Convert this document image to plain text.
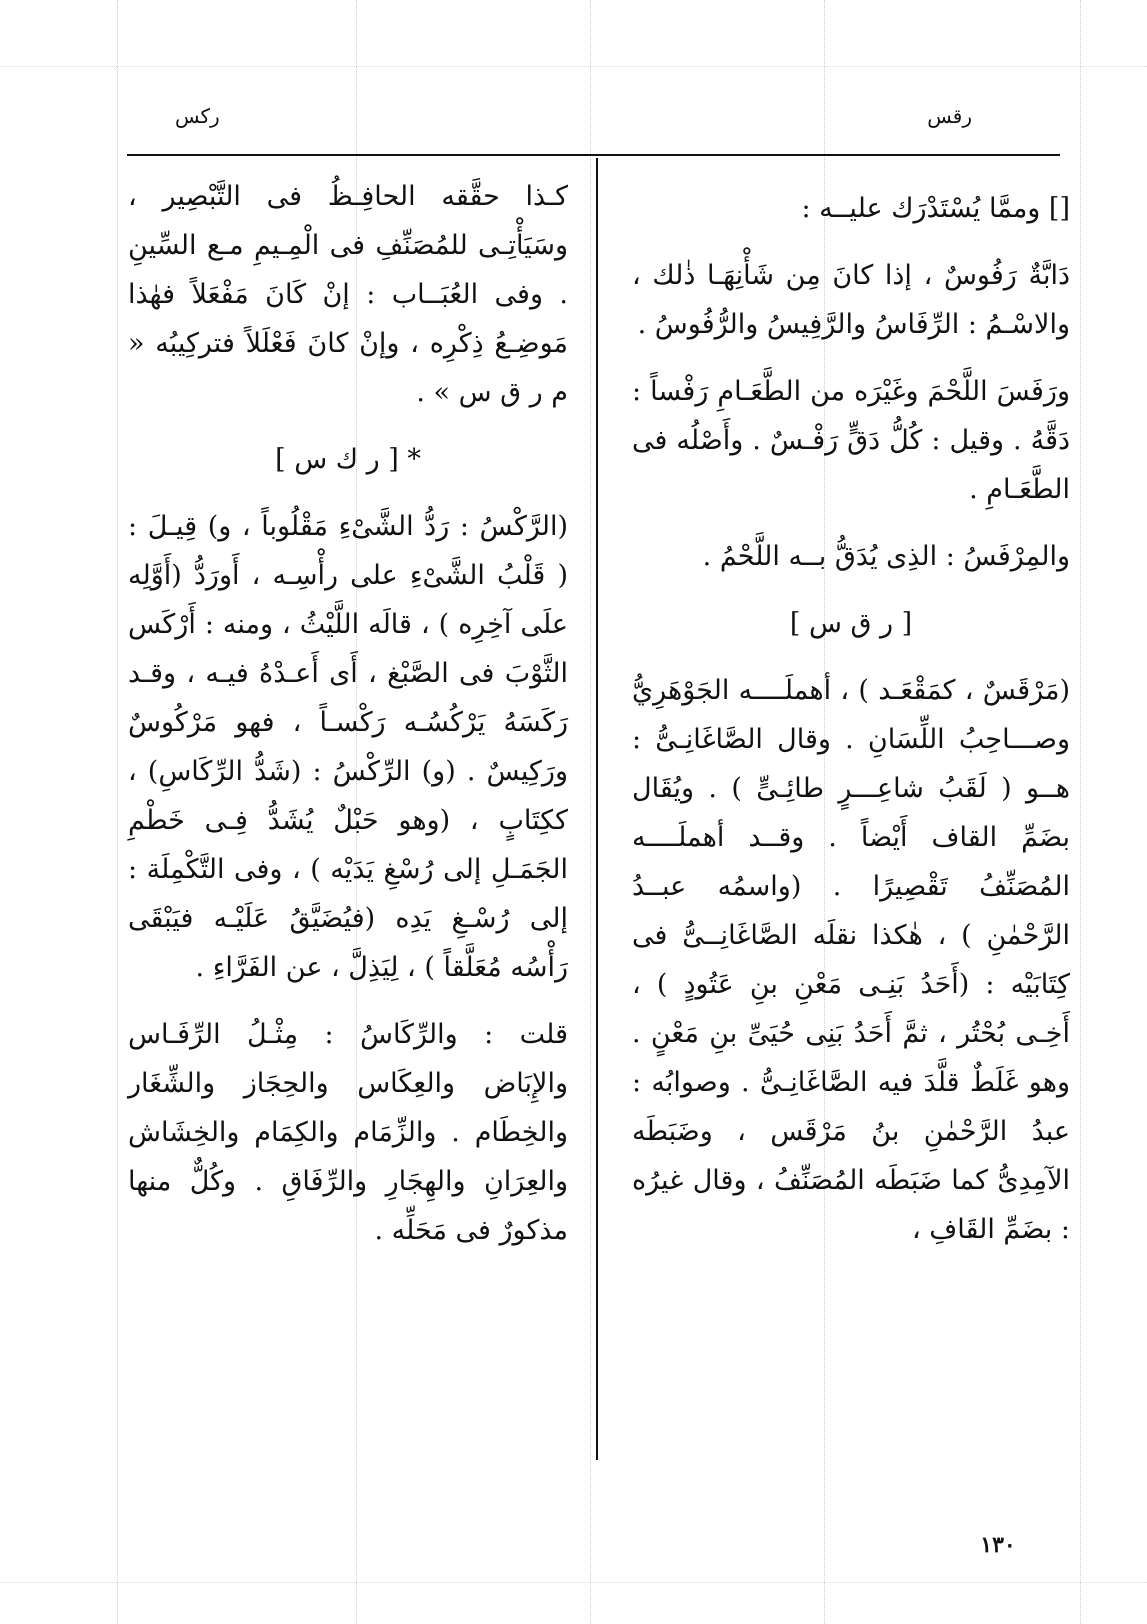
رقس
ركس

[] وممَّا يُسْتَدْرَك عليــه :

دَابَّةٌ رَفُوسٌ ، إذا كانَ مِن شَأْنِهَـا ذٰلك ، والاسْـمُ : الرِّفَاسُ والرَّفِيسُ والرُّفُوسُ .

ورَفَسَ اللَّحْمَ وغَيْرَه من الطَّعَـامِ رَفْساً : دَقَّهُ . وقيل : كُلُّ دَقٍّ رَفْـسٌ . وأَصْلُه فى الطَّعَـامِ .

والمِرْفَسُ : الذِى يُدَقُّ بــه اللَّحْمُ .

[ ر ق س ]

(مَرْقَسٌ ، كمَقْعَـد ) ، أهملَــــه الجَوْهَرِيُّ وصـــاحِبُ اللِّسَانِ . وقال الصَّاغَانِـىُّ : هــو ( لَقَبُ شاعِـــرٍ طائِـىٍّ ) . ويُقَال بضَمِّ القاف أَيْضاً . وقــد أهملَــــه المُصَنِّفُ تَقْصِيرًا . (واسمُه عبــدُ الرَّحْمٰنِ ) ، هٰكذا نقلَه الصَّاغَانِــىُّ فى كِتَابَيْه : (أَحَدُ بَنِـى مَعْنِ بنِ عَتُودٍ ) ، أَخِـى بُحْتُر ، ثمَّ أَحَدُ بَنِى حُيَىِّ بنِ مَعْنٍ . وهو غَلَطٌ قلَّدَ فيه الصَّاغَانِـىُّ . وصوابُه : عبدُ الرَّحْمٰنِ بنُ مَرْقَس ، وضَبَطَه الآمِدِىُّ كما ضَبَطَه المُصَنِّفُ ، وقال غيرُه : بضَمِّ القَافِ ،

كـذا حقَّقه الحافِـظُ فى التَّبْصِير ، وسَيَأْتِـى للمُصَنِّفِ فى الْمِـيمِ مـع السِّينِ . وفى العُبَــاب : إنْ كَانَ مَفْعَلاً فهٰذا مَوضِـعُ ذِكْرِه ، وإنْ كانَ فَعْلَلاً فتركِيبُه « م ر ق س » .

* [ ر ك س ]

(الرَّكْسُ : رَدُّ الشَّىْءِ مَقْلُوباً ، و) قِيـلَ : ( قَلْبُ الشَّىْءِ على رأْسِـه ، أَورَدُّ (أَوَّلِه علَى آخِرِه ) ، قالَه اللَّيْثُ ، ومنه : أَرْكَس الثَّوْبَ فى الصَّبْغ ، أَى أَعـدْهُ فيـه ، وقـد رَكَسَهُ يَرْكُسُـه رَكْسـاً ، فهو مَرْكُوسٌ ورَكِيسٌ . (و) الرِّكْسُ : (شَدُّ الرِّكَاسِ) ، ككِتَابٍ ، (وهو حَبْلٌ يُشَدُّ فِـى خَطْمِ الجَمَـلِ إلى رُسْغِ يَدَيْه ) ، وفى التَّكْمِلَة : إلى رُسْـغِ يَدِه (فيُضَيَّقُ عَلَيْـه فيَبْقَى رَأْسُه مُعَلَّقاً ) ، لِيَذِلَّ ، عن الفَرَّاءِ .

قلت : والرِّكَاسُ : مِثْـلُ الرِّفَـاس والإِبَاض والعِكَاس والحِجَاز والشِّغَار والخِطَام . والزِّمَام والكِمَام والخِشَاش والعِرَانِ والهِجَارِ والرِّفَاقِ . وكُلٌّ منها مذكورٌ فى مَحَلِّه .

١٣٠
